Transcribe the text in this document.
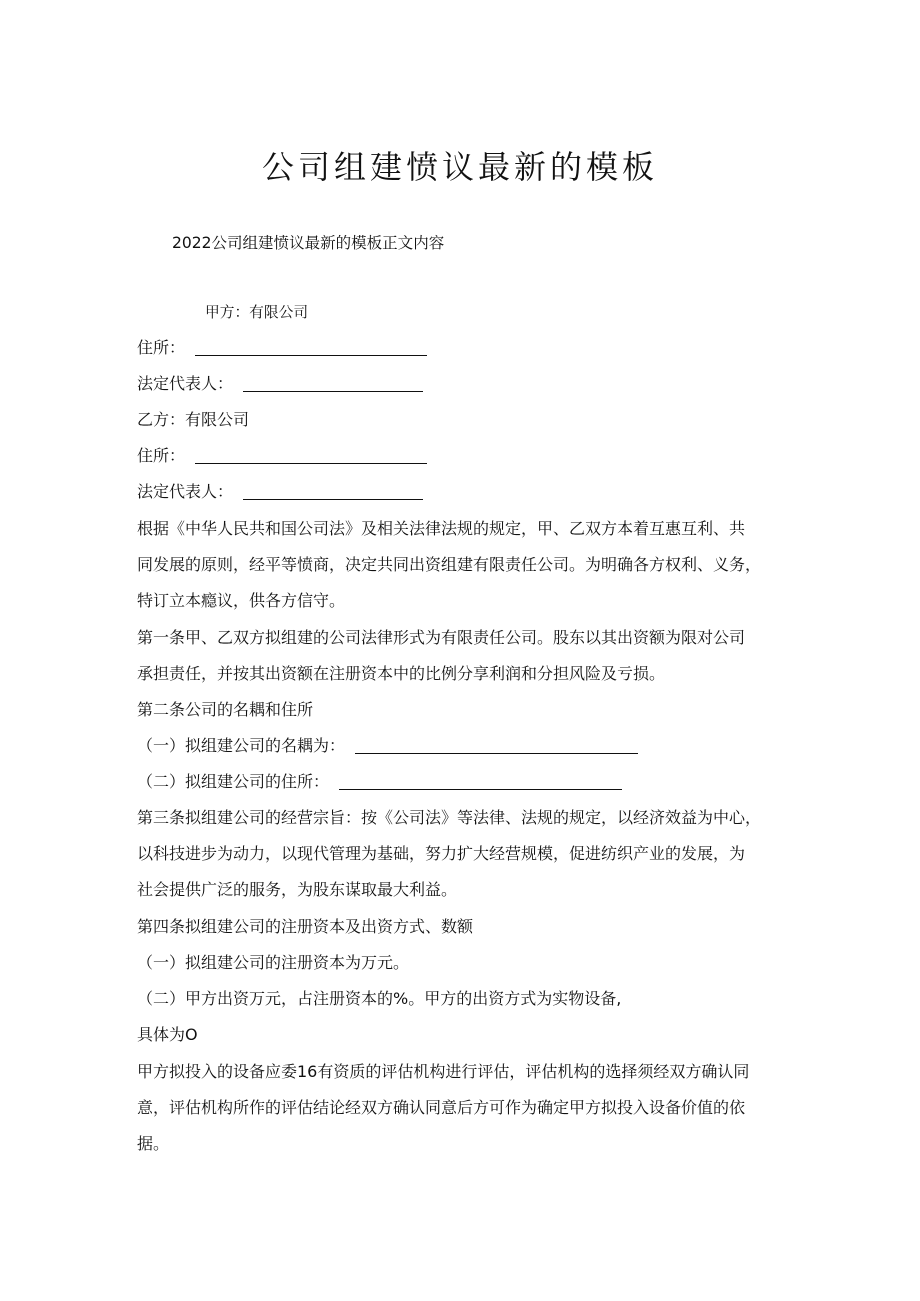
公司组建愤议最新的模板
2022公司组建愤议最新的模板正文内容
甲方：有限公司
住所：
法定代表人：
乙方：有限公司
住所：
法定代表人：
根据《中华人民共和国公司法》及相关法律法规的规定，甲、乙双方本着互惠互利、共
同发展的原则，经平等愤商，决定共同出资组建有限责任公司。为明确各方权利、义务，
特订立本瘾议，供各方信守。
第一条甲、乙双方拟组建的公司法律形式为有限责任公司。股东以其出资额为限对公司
承担责任，并按其出资额在注册资本中的比例分享利润和分担风险及亏损。
第二条公司的名耦和住所
（一）拟组建公司的名耦为：
（二）拟组建公司的住所：
第三条拟组建公司的经营宗旨：按《公司法》等法律、法规的规定，以经济效益为中心，
以科技进步为动力，以现代管理为基础，努力扩大经营规模，促进纺织产业的发展，为
社会提供广泛的服务，为股东谋取最大利益。
第四条拟组建公司的注册资本及出资方式、数额
（一）拟组建公司的注册资本为万元。
（二）甲方出资万元，占注册资本的%。甲方的出资方式为实物设备,
具体为O
甲方拟投入的设备应委16有资质的评估机构进行评估，评估机构的选择须经双方确认同
意，评估机构所作的评估结论经双方确认同意后方可作为确定甲方拟投入设备价值的依
据。
